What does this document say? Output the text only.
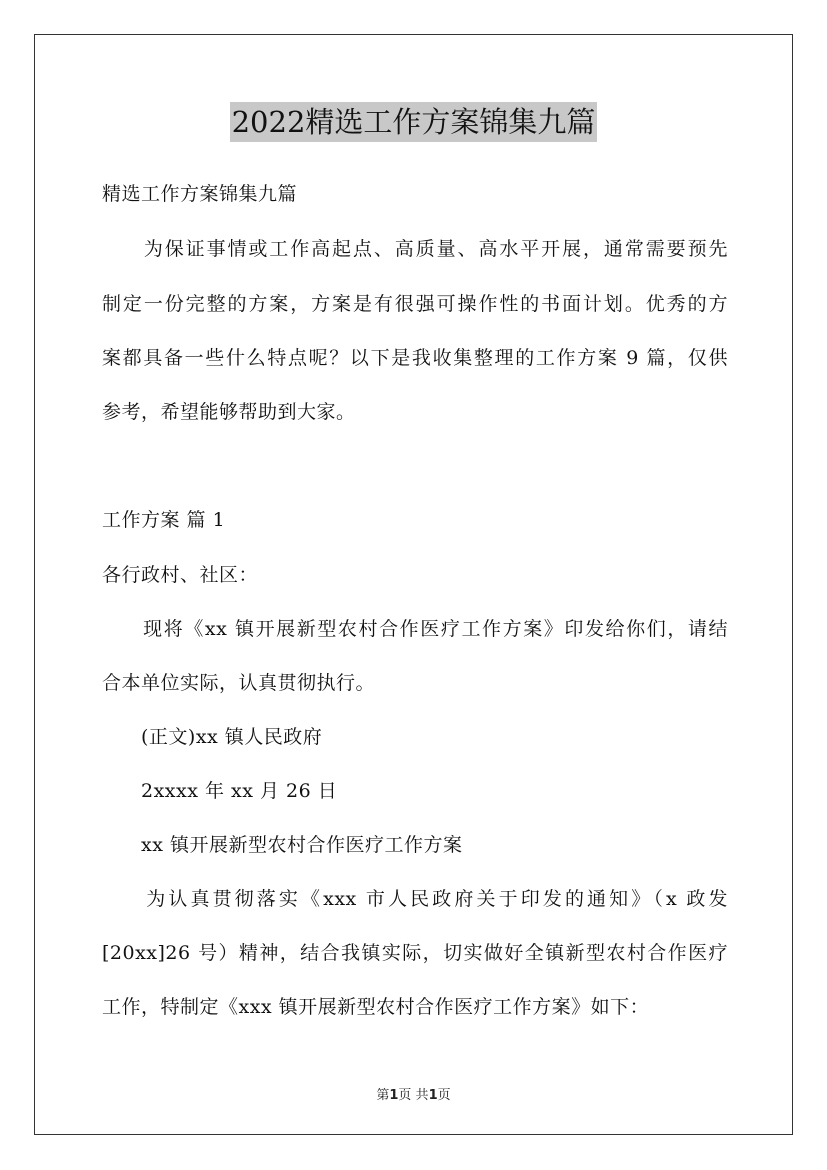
2022精选工作方案锦集九篇
精选工作方案锦集九篇
　　为保证事情或工作高起点、高质量、高水平开展，通常需要预先
制定一份完整的方案，方案是有很强可操作性的书面计划。优秀的方
案都具备一些什么特点呢？以下是我收集整理的工作方案 9 篇，仅供
参考，希望能够帮助到大家。
工作方案 篇 1
各行政村、社区：
　　现将《xx 镇开展新型农村合作医疗工作方案》印发给你们，请结
合本单位实际，认真贯彻执行。
　　(正文)xx 镇人民政府
　　2xxxx 年 xx 月 26 日
　　xx 镇开展新型农村合作医疗工作方案
　　为认真贯彻落实《xxx 市人民政府关于印发的通知》（x 政发
[20xx]26 号）精神，结合我镇实际，切实做好全镇新型农村合作医疗
工作，特制定《xxx 镇开展新型农村合作医疗工作方案》如下：
第1页 共1页
